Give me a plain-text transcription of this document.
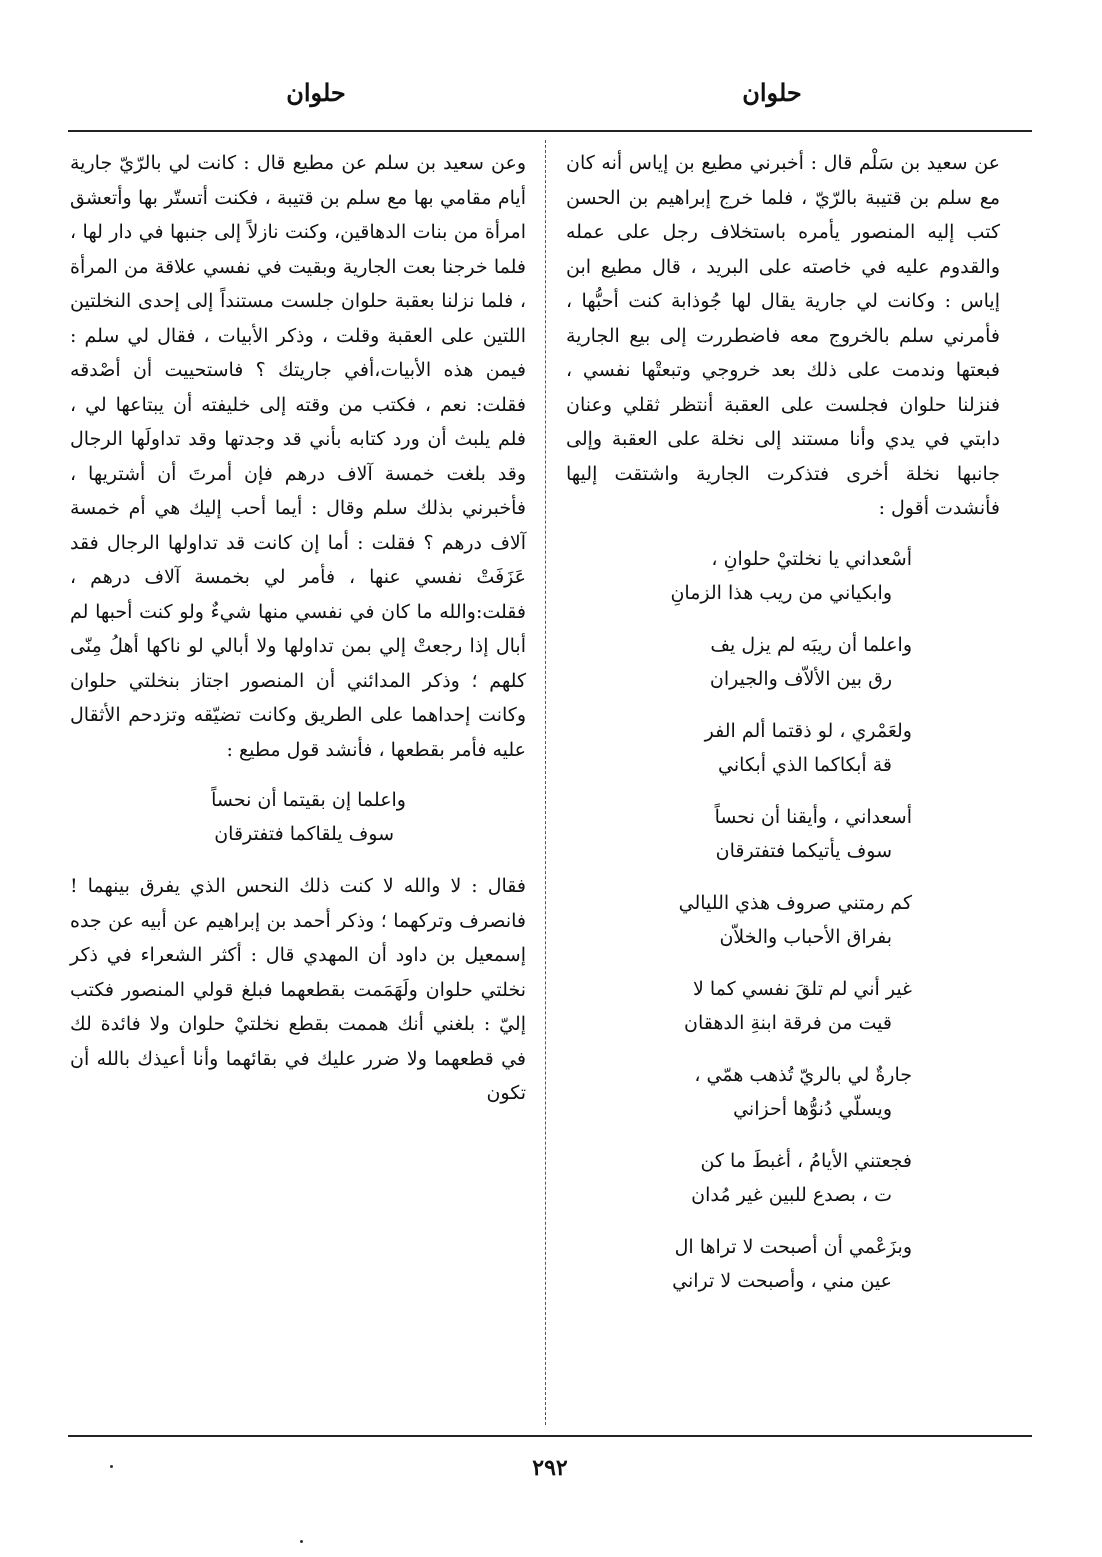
حلوان
حلوان

عن سعيد بن سَلْم قال : أخبرني مطيع بن إياس أنه كان مع سلم بن قتيبة بالرّيّ ، فلما خرج إبراهيم بن الحسن كتب إليه المنصور يأمره باستخلاف رجل على عمله والقدوم عليه في خاصته على البريد ، قال مطيع ابن إياس : وكانت لي جارية يقال لها جُوذابة كنت أحبُّها ، فأمرني سلم بالخروج معه فاضطررت إلى بيع الجارية فبعتها وندمت على ذلك بعد خروجي وتبعتْها نفسي ، فنزلنا حلوان فجلست على العقبة أنتظر ثقلي وعنان دابتي في يدي وأنا مستند إلى نخلة على العقبة وإلى جانبها نخلة أخرى فتذكرت الجارية واشتقت إليها فأنشدت أقول :

أسْعداني يا نخلتيْ حلوانِ ،
وابكياني من ريب هذا الزمانِ
واعلما أن ريبَه لم يزل يف
رق بين الألاّف والجيران
ولعَمْري ، لو ذقتما ألم الفر
قة أبكاكما الذي أبكاني
أسعداني ، وأيقنا أن نحساً
سوف يأتيكما فتفترقان
كم رمتني صروف هذي الليالي
بفراق الأحباب والخلاّن
غير أني لم تلقَ نفسي كما لا
قيت من فرقة ابنةِ الدهقان
جارةٌ لي بالريّ تُذهب همّي ،
ويسلّي دُنوُّها أحزاني
فجعتني الأيامُ ، أغبطَ ما كن
ت ، بصدع للبين غير مُدان
وبزَعْمي أن أصبحت لا تراها ال
عين مني ، وأصبحت لا تراني

وعن سعيد بن سلم عن مطيع قال : كانت لي بالرّيّ جارية أيام مقامي بها مع سلم بن قتيبة ، فكنت أتستّر بها وأتعشق امرأة من بنات الدهاقين، وكنت نازلاً إلى جنبها في دار لها ، فلما خرجنا بعت الجارية وبقيت في نفسي علاقة من المرأة ، فلما نزلنا بعقبة حلوان جلست مستنداً إلى إحدى النخلتين اللتين على العقبة وقلت ، وذكر الأبيات ، فقال لي سلم : فيمن هذه الأبيات،أفي جاريتك ؟ فاستحييت أن أصْدقه فقلت: نعم ، فكتب من وقته إلى خليفته أن يبتاعها لي ، فلم يلبث أن ورد كتابه بأني قد وجدتها وقد تداولَها الرجال وقد بلغت خمسة آلاف درهم فإن أمرتَ أن أشتريها ، فأخبرني بذلك سلم وقال : أيما أحب إليك هي أم خمسة آلاف درهم ؟ فقلت : أما إن كانت قد تداولها الرجال فقد عَزَفَتْ نفسي عنها ، فأمر لي بخمسة آلاف درهم ، فقلت:والله ما كان في نفسي منها شيءٌ ولو كنت أحبها لم أبال إذا رجعتْ إلي بمن تداولها ولا أبالي لو ناكها أهلُ مِنّى كلهم ؛ وذكر المدائني أن المنصور اجتاز بنخلتي حلوان وكانت إحداهما على الطريق وكانت تضيّقه وتزدحم الأثقال عليه فأمر بقطعها ، فأنشد قول مطيع :

واعلما إن بقيتما أن نحساً
سوف يلقاكما فتفترقان

فقال : لا والله لا كنت ذلك النحس الذي يفرق بينهما ! فانصرف وتركهما ؛ وذكر أحمد بن إبراهيم عن أبيه عن جده إسمعيل بن داود أن المهدي قال : أكثر الشعراء في ذكر نخلتي حلوان ولَهَمَمت بقطعهما فبلغ قولي المنصور فكتب إليّ : بلغني أنك هممت بقطع نخلتيْ حلوان ولا فائدة لك في قطعهما ولا ضرر عليك في بقائهما وأنا أعيذك بالله أن تكون

٢٩٢
